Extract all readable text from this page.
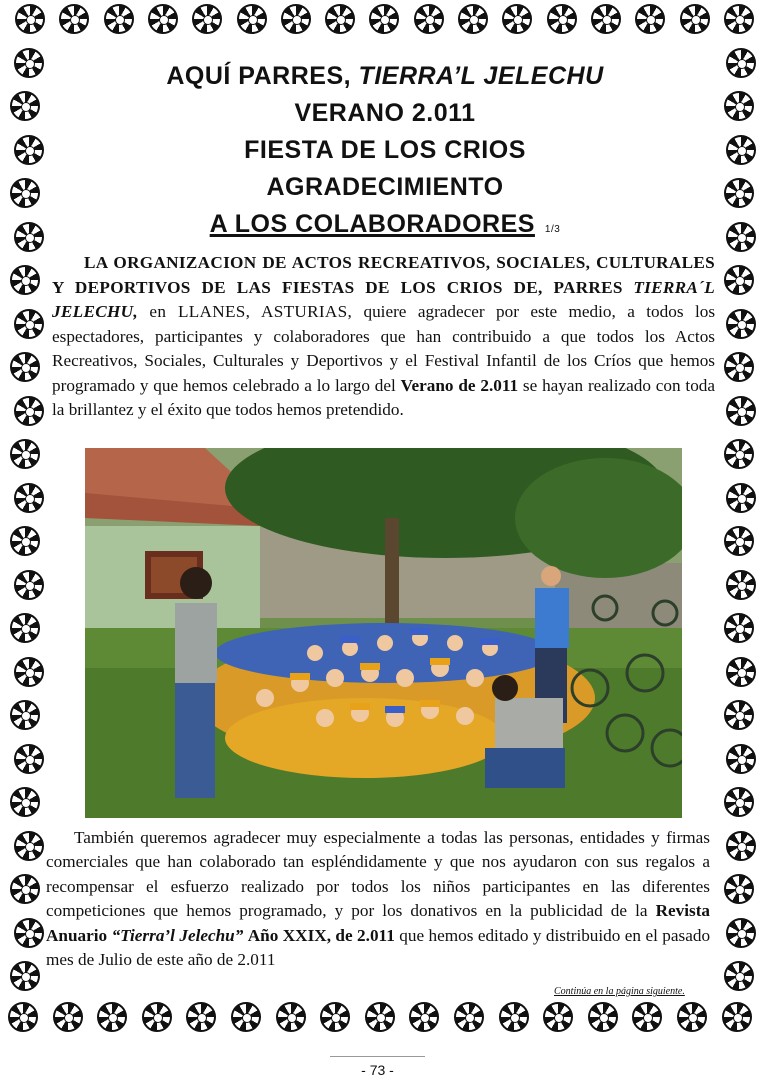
AQUÍ PARRES, TIERRA’L JELECHU
VERANO 2.011
FIESTA DE LOS CRIOS
AGRADECIMIENTO
A LOS COLABORADORES 1/3
LA ORGANIZACION DE ACTOS RECREATIVOS, SOCIALES, CULTURALES Y DEPORTIVOS DE LAS FIESTAS DE LOS CRIOS DE, PARRES TIERRA´L JELECHU, en LLANES, ASTURIAS, quiere agradecer por este medio, a todos los espectadores, participantes y colaboradores que han contribuido a que todos los Actos Recreativos, Sociales, Culturales y Deportivos y el Festival Infantil de los Críos que hemos programado y que hemos celebrado a lo largo del Verano de 2.011 se hayan realizado con toda la brillantez y el éxito que todos hemos pretendido.
También queremos agradecer muy especialmente a todas las personas, entidades y firmas comerciales que han colaborado tan espléndidamente y que nos ayudaron con sus regalos a recompensar el esfuerzo realizado por todos los niños participantes en las diferentes competiciones que hemos programado, y por los donativos en la publicidad de la Revista Anuario “Tierra’l Jelechu” Año XXIX, de 2.011 que hemos editado y distribuido en el pasado mes de Julio de este año de 2.011
Continúa en la página siguiente.
- 73 -
